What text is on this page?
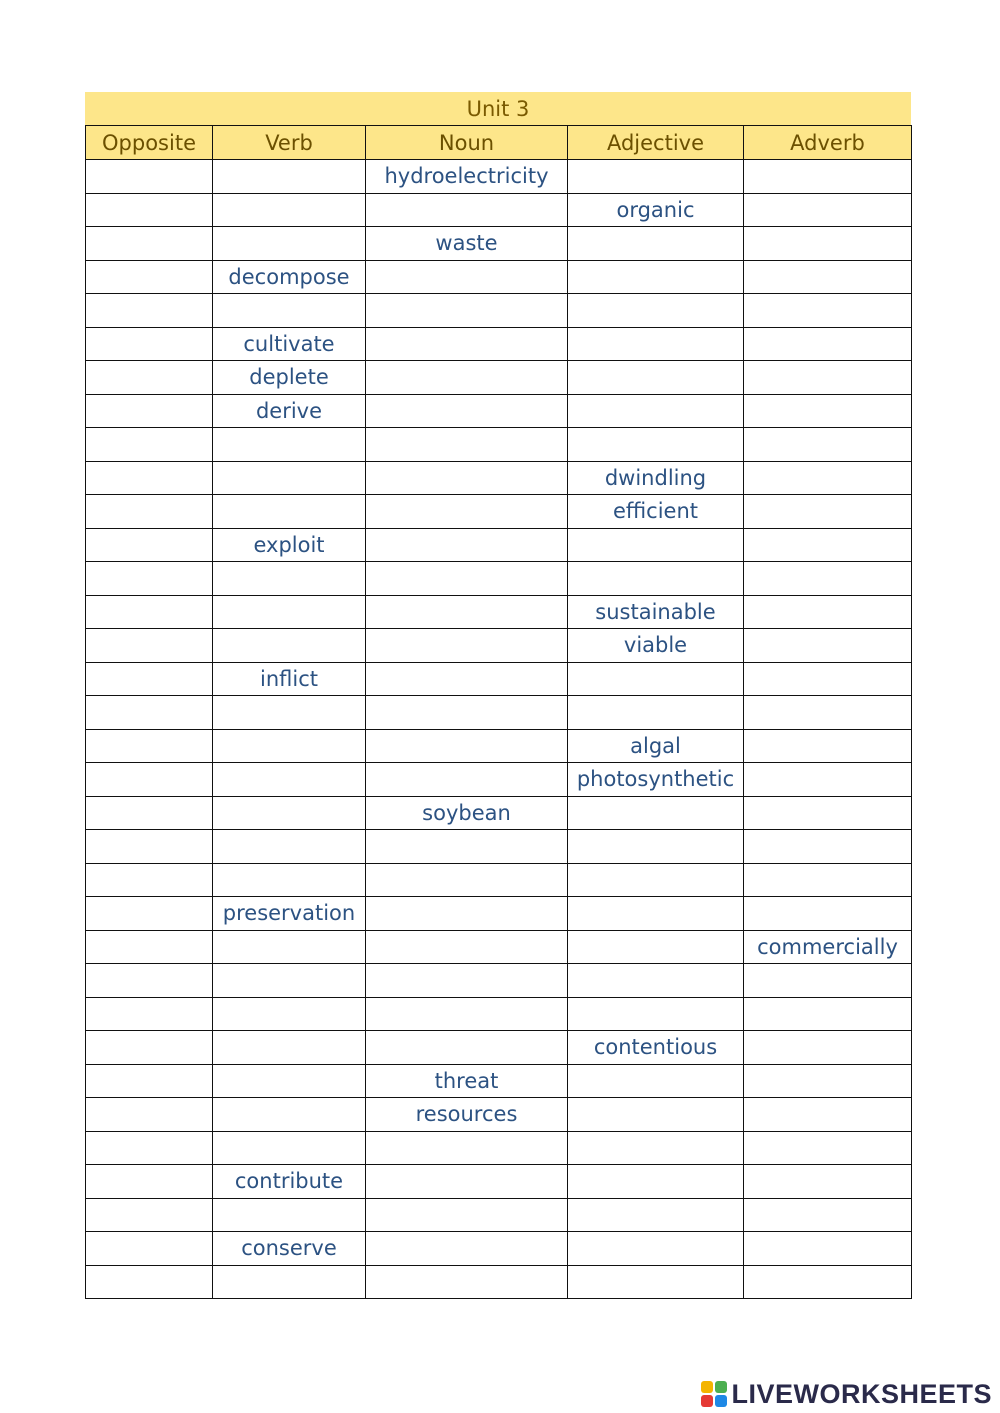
Unit 3
Opposite	Verb	Noun	Adjective	Adverb
		hydroelectricity		
			organic	
		waste		
	decompose			

	cultivate			
	deplete			
	derive			

			dwindling	
			efficient	
	exploit			

			sustainable	
			viable	
	inflict			

			algal	
			photosynthetic	
		soybean		

	preservation			
				commercially

			contentious	
		threat		
		resources		

	contribute			

	conserve			

LIVEWORKSHEETS
